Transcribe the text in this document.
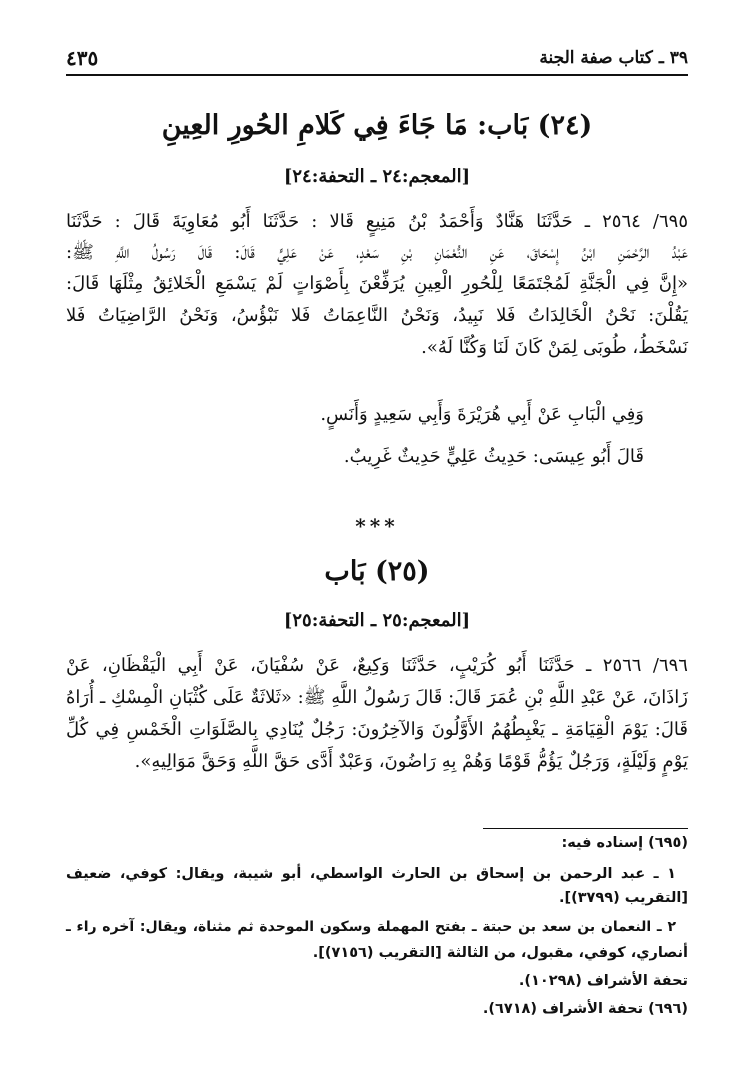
٣٩ ـ كتاب صفة الجنة
٤٣٥
(٢٤) بَاب: مَا جَاءَ فِي كَلامِ الحُورِ العِينِ
[المعجم:٢٤ ـ التحفة:٢٤]
٦٩٥/ ٢٥٦٤ ـ حَدَّثَنَا هَنَّادٌ وَأَحْمَدُ بْنُ مَنِيعٍ قَالا : حَدَّثَنَا أَبُو مُعَاوِيَةَ قَالَ : حَدَّثَنَا
عَبْدُ الرَّحْمَنِ ابْنُ إِسْحَاقَ، عَنِ النُّعْمَانِ بْنِ سَعْدٍ، عَنْ عَلِيٍّ قَالَ: قَالَ رَسُولُ اللَّهِ ﷺ:
«إِنَّ فِي الْجَنَّةِ لَمُجْتَمَعًا لِلْحُورِ الْعِينِ يُرَفِّعْنَ بِأَصْوَاتٍ لَمْ يَسْمَعِ الْخَلائِقُ مِثْلَهَا قَالَ:
يَقُلْنَ: نَحْنُ الْخَالِدَاتُ فَلا نَبِيدُ، وَنَحْنُ النَّاعِمَاتُ فَلا نَبْؤُسُ، وَنَحْنُ الرَّاضِيَاتُ فَلا
نَسْخَطُ، طُوبَى لِمَنْ كَانَ لَنَا وَكُنَّا لَهُ».
وَفِي الْبَابِ عَنْ أَبِي هُرَيْرَةَ وَأَبِي سَعِيدٍ وَأَنَسٍ.
قَالَ أَبُو عِيسَى: حَدِيثُ عَلِيٍّ حَدِيثٌ غَرِيبٌ.
***
(٢٥) بَاب
[المعجم:٢٥ ـ التحفة:٢٥]
٦٩٦/ ٢٥٦٦ ـ حَدَّثَنَا أَبُو كُرَيْبٍ، حَدَّثَنَا وَكِيعٌ، عَنْ سُفْيَانَ، عَنْ أَبِي الْيَقْظَانِ، عَنْ
زَاذَانَ، عَنْ عَبْدِ اللَّهِ بْنِ عُمَرَ قَالَ: قَالَ رَسُولُ اللَّهِ ﷺ: «ثَلاثَةٌ عَلَى كُثْبَانِ الْمِسْكِ ـ أُرَاهُ
قَالَ: يَوْمَ الْقِيَامَةِ ـ يَغْبِطُهُمُ الأَوَّلُونَ وَالآخِرُونَ: رَجُلٌ يُنَادِي بِالصَّلَوَاتِ الْخَمْسِ فِي كُلِّ
يَوْمٍ وَلَيْلَةٍ، وَرَجُلٌ يَؤُمُّ قَوْمًا وَهُمْ بِهِ رَاضُونَ، وَعَبْدٌ أَدَّى حَقَّ اللَّهِ وَحَقَّ مَوَالِيهِ».
(٦٩٥) إسناده فيه:
١ ـ عبد الرحمن بن إسحاق بن الحارث الواسطي، أبو شيبة، ويقال: كوفي، ضعيف
[التقريب (٣٧٩٩)].
٢ ـ النعمان بن سعد بن حبتة ـ بفتح المهملة وسكون الموحدة ثم مثناة، ويقال: آخره راء ـ
أنصاري، كوفي، مقبول، من الثالثة [التقريب (٧١٥٦)].
تحفة الأشراف (١٠٢٩٨).
(٦٩٦) تحفة الأشراف (٦٧١٨).
